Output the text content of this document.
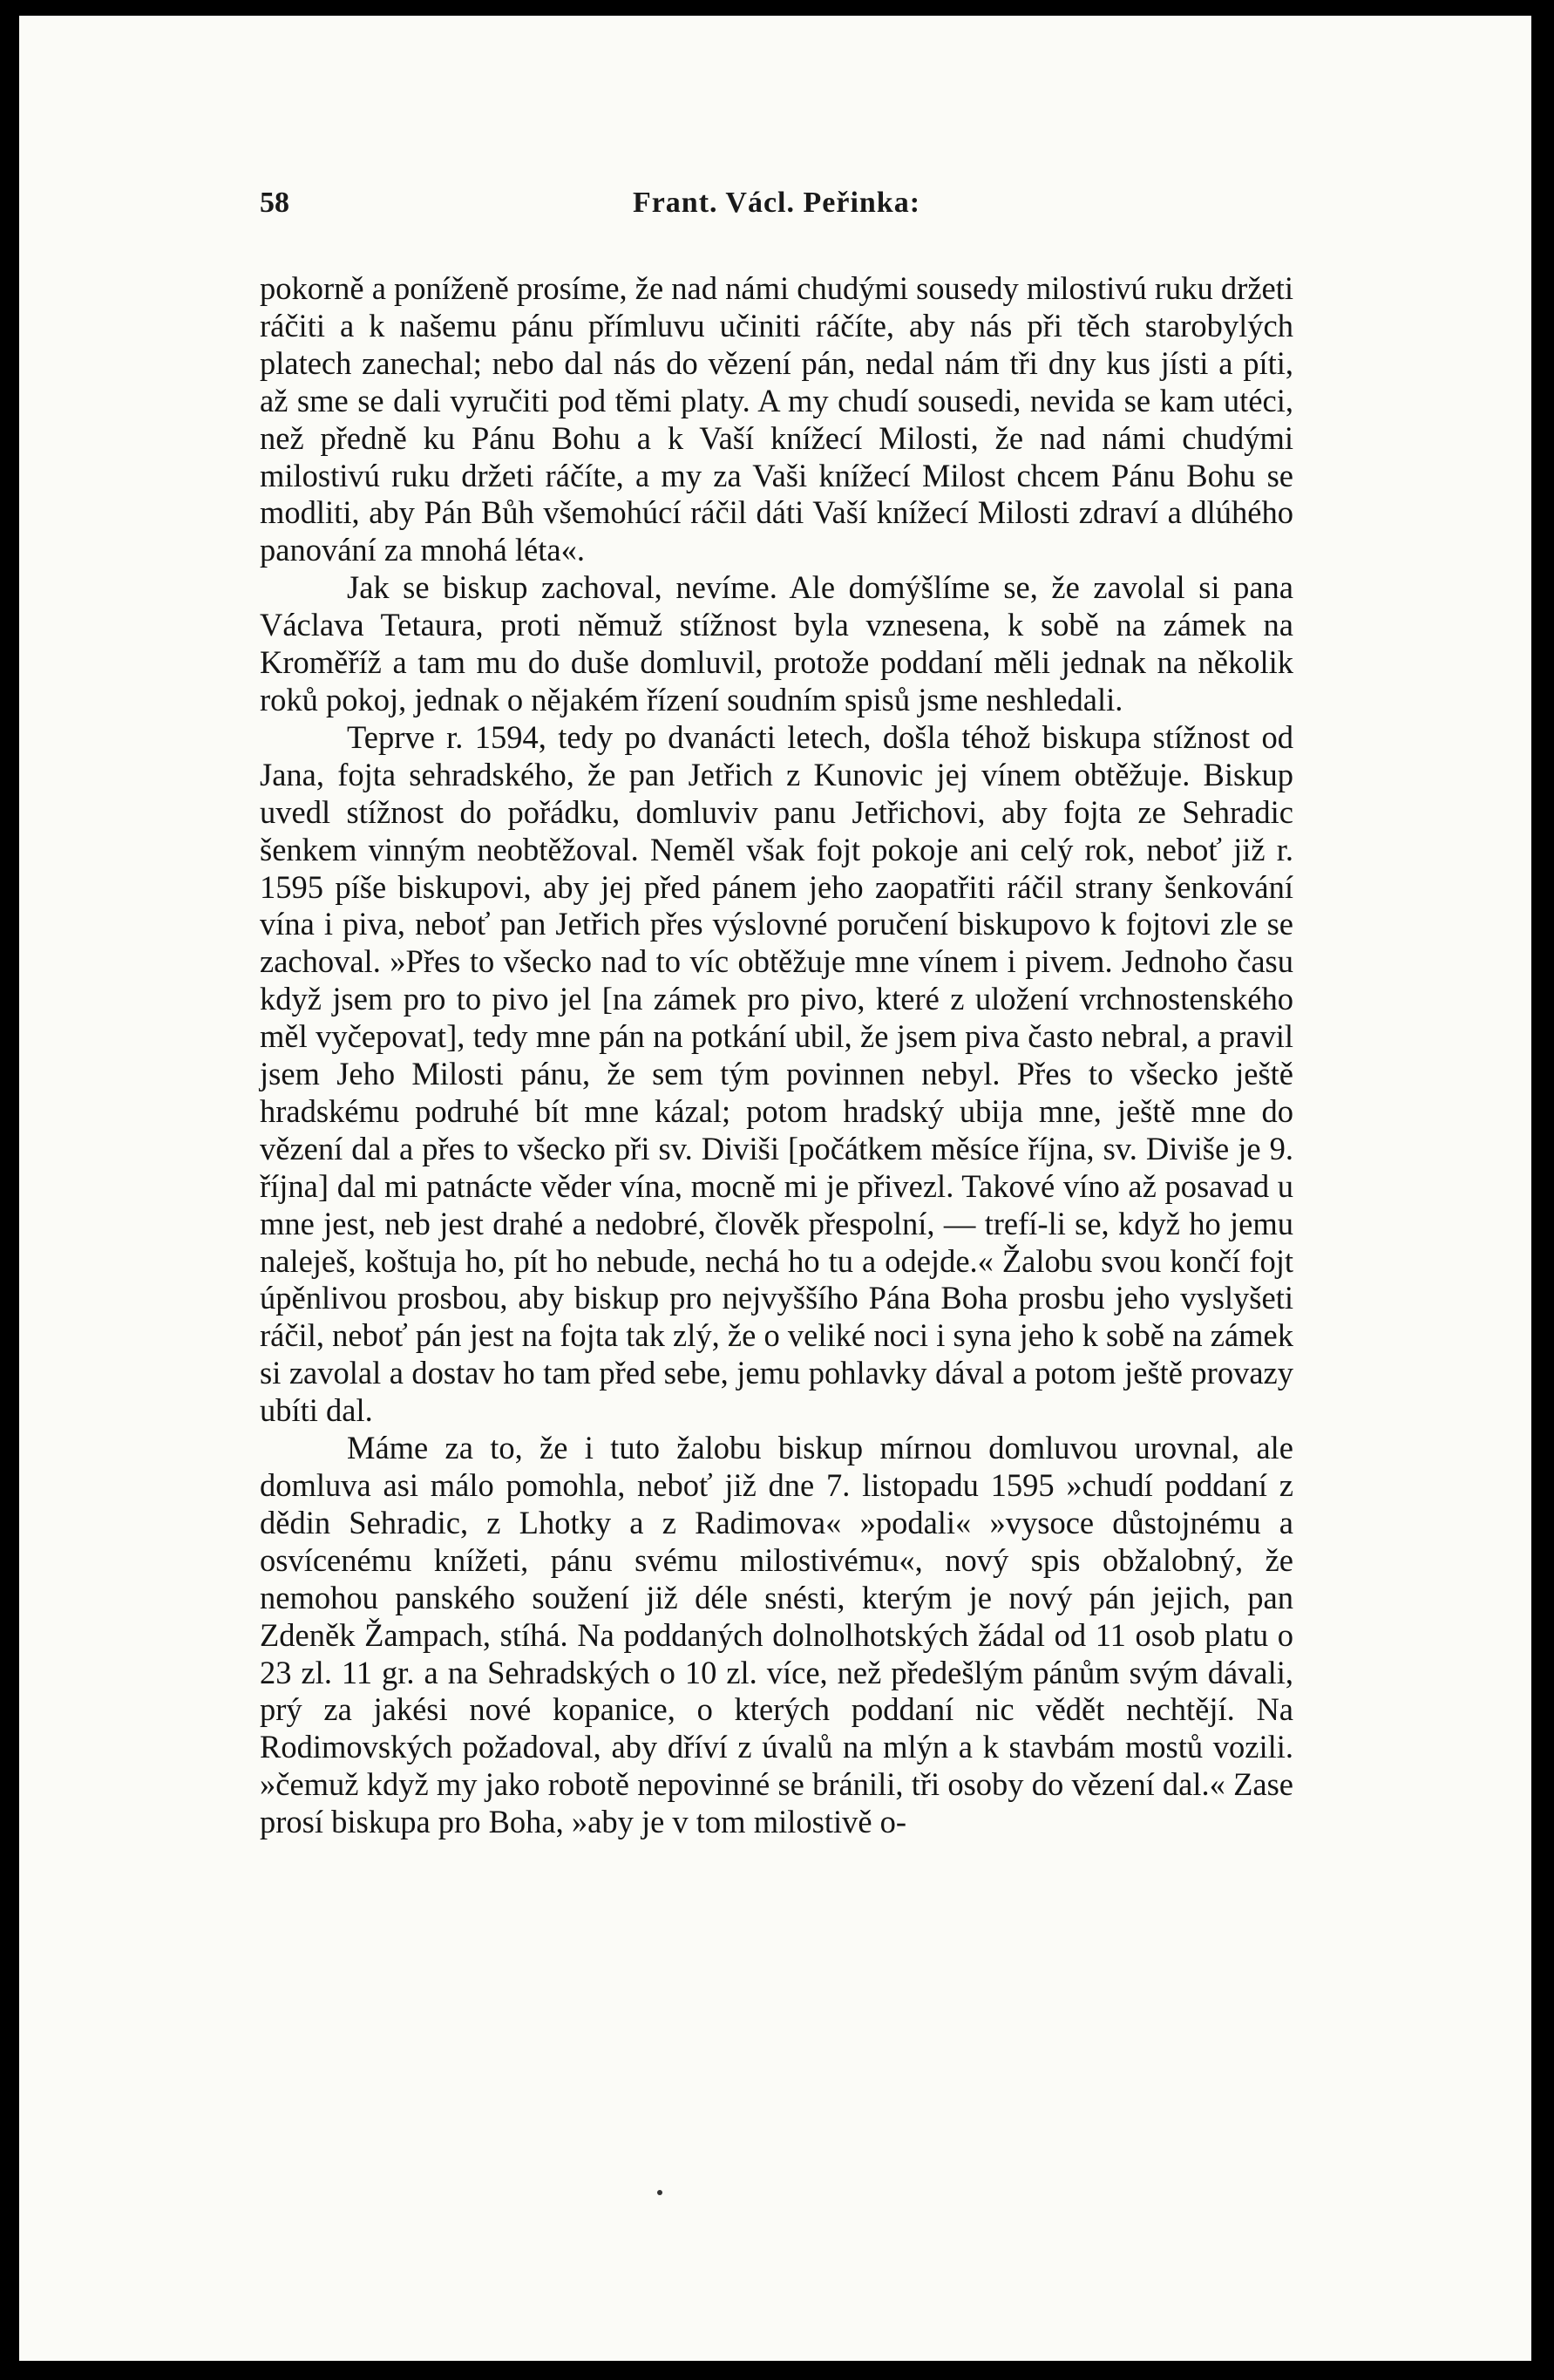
58	Frant. Václ. Peřinka:

pokorně a poníženě prosíme, že nad námi chudými sousedy milostivú ruku držeti ráčiti a k našemu pánu přímluvu učiniti ráčíte, aby nás při těch starobylých platech zanechal; nebo dal nás do vězení pán, nedal nám tři dny kus jísti a píti, až sme se dali vyručiti pod těmi platy. A my chudí sousedi, nevida se kam utéci, než předně ku Pánu Bohu a k Vaší knížecí Milosti, že nad námi chudými milostivú ruku držeti ráčíte, a my za Vaši knížecí Milost chcem Pánu Bohu se modliti, aby Pán Bůh všemohúcí ráčil dáti Vaší knížecí Milosti zdraví a dlúhého panování za mnohá léta«.

Jak se biskup zachoval, nevíme. Ale domýšlíme se, že zavolal si pana Václava Tetaura, proti němuž stížnost byla vznesena, k sobě na zámek na Kroměříž a tam mu do duše domluvil, protože poddaní měli jednak na několik roků pokoj, jednak o nějakém řízení soudním spisů jsme neshledali.

Teprve r. 1594, tedy po dvanácti letech, došla téhož biskupa stížnost od Jana, fojta sehradského, že pan Jetřich z Kunovic jej vínem obtěžuje. Biskup uvedl stížnost do pořádku, domluviv panu Jetřichovi, aby fojta ze Sehradic šenkem vinným neobtěžoval. Neměl však fojt pokoje ani celý rok, neboť již r. 1595 píše biskupovi, aby jej před pánem jeho zaopatřiti ráčil strany šenkování vína i piva, neboť pan Jetřich přes výslovné poručení biskupovo k fojtovi zle se zachoval. »Přes to všecko nad to víc obtěžuje mne vínem i pivem. Jednoho času když jsem pro to pivo jel [na zámek pro pivo, které z uložení vrchnostenského měl vyčepovat], tedy mne pán na potkání ubil, že jsem piva často nebral, a pravil jsem Jeho Milosti pánu, že sem tým povinnen nebyl. Přes to všecko ještě hradskému podruhé bít mne kázal; potom hradský ubija mne, ještě mne do vězení dal a přes to všecko při sv. Diviši [počátkem měsíce října, sv. Diviše je 9. října] dal mi patnácte věder vína, mocně mi je přivezl. Takové víno až posavad u mne jest, neb jest drahé a nedobré, člověk přespolní, — trefí-li se, když ho jemu naleješ, koštuja ho, pít ho nebude, nechá ho tu a odejde.« Žalobu svou končí fojt úpěnlivou prosbou, aby biskup pro nejvyššího Pána Boha prosbu jeho vyslyšeti ráčil, neboť pán jest na fojta tak zlý, že o veliké noci i syna jeho k sobě na zámek si zavolal a dostav ho tam před sebe, jemu pohlavky dával a potom ještě provazy ubíti dal.

Máme za to, že i tuto žalobu biskup mírnou domluvou urovnal, ale domluva asi málo pomohla, neboť již dne 7. listopadu 1595 »chudí poddaní z dědin Sehradic, z Lhotky a z Radimova« »podali« »vysoce důstojnému a osvícenému knížeti, pánu svému milostivému«, nový spis obžalobný, že nemohou panského soužení již déle snésti, kterým je nový pán jejich, pan Zdeněk Žampach, stíhá. Na poddaných dolnolhotských žádal od 11 osob platu o 23 zl. 11 gr. a na Sehradských o 10 zl. více, než předešlým pánům svým dávali, prý za jakési nové kopanice, o kterých poddaní nic vědět nechtějí. Na Rodimovských požadoval, aby dříví z úvalů na mlýn a k stavbám mostů vozili. »čemuž když my jako robotě nepovinné se bránili, tři osoby do vězení dal.« Zase prosí biskupa pro Boha, »aby je v tom milostivě o-
